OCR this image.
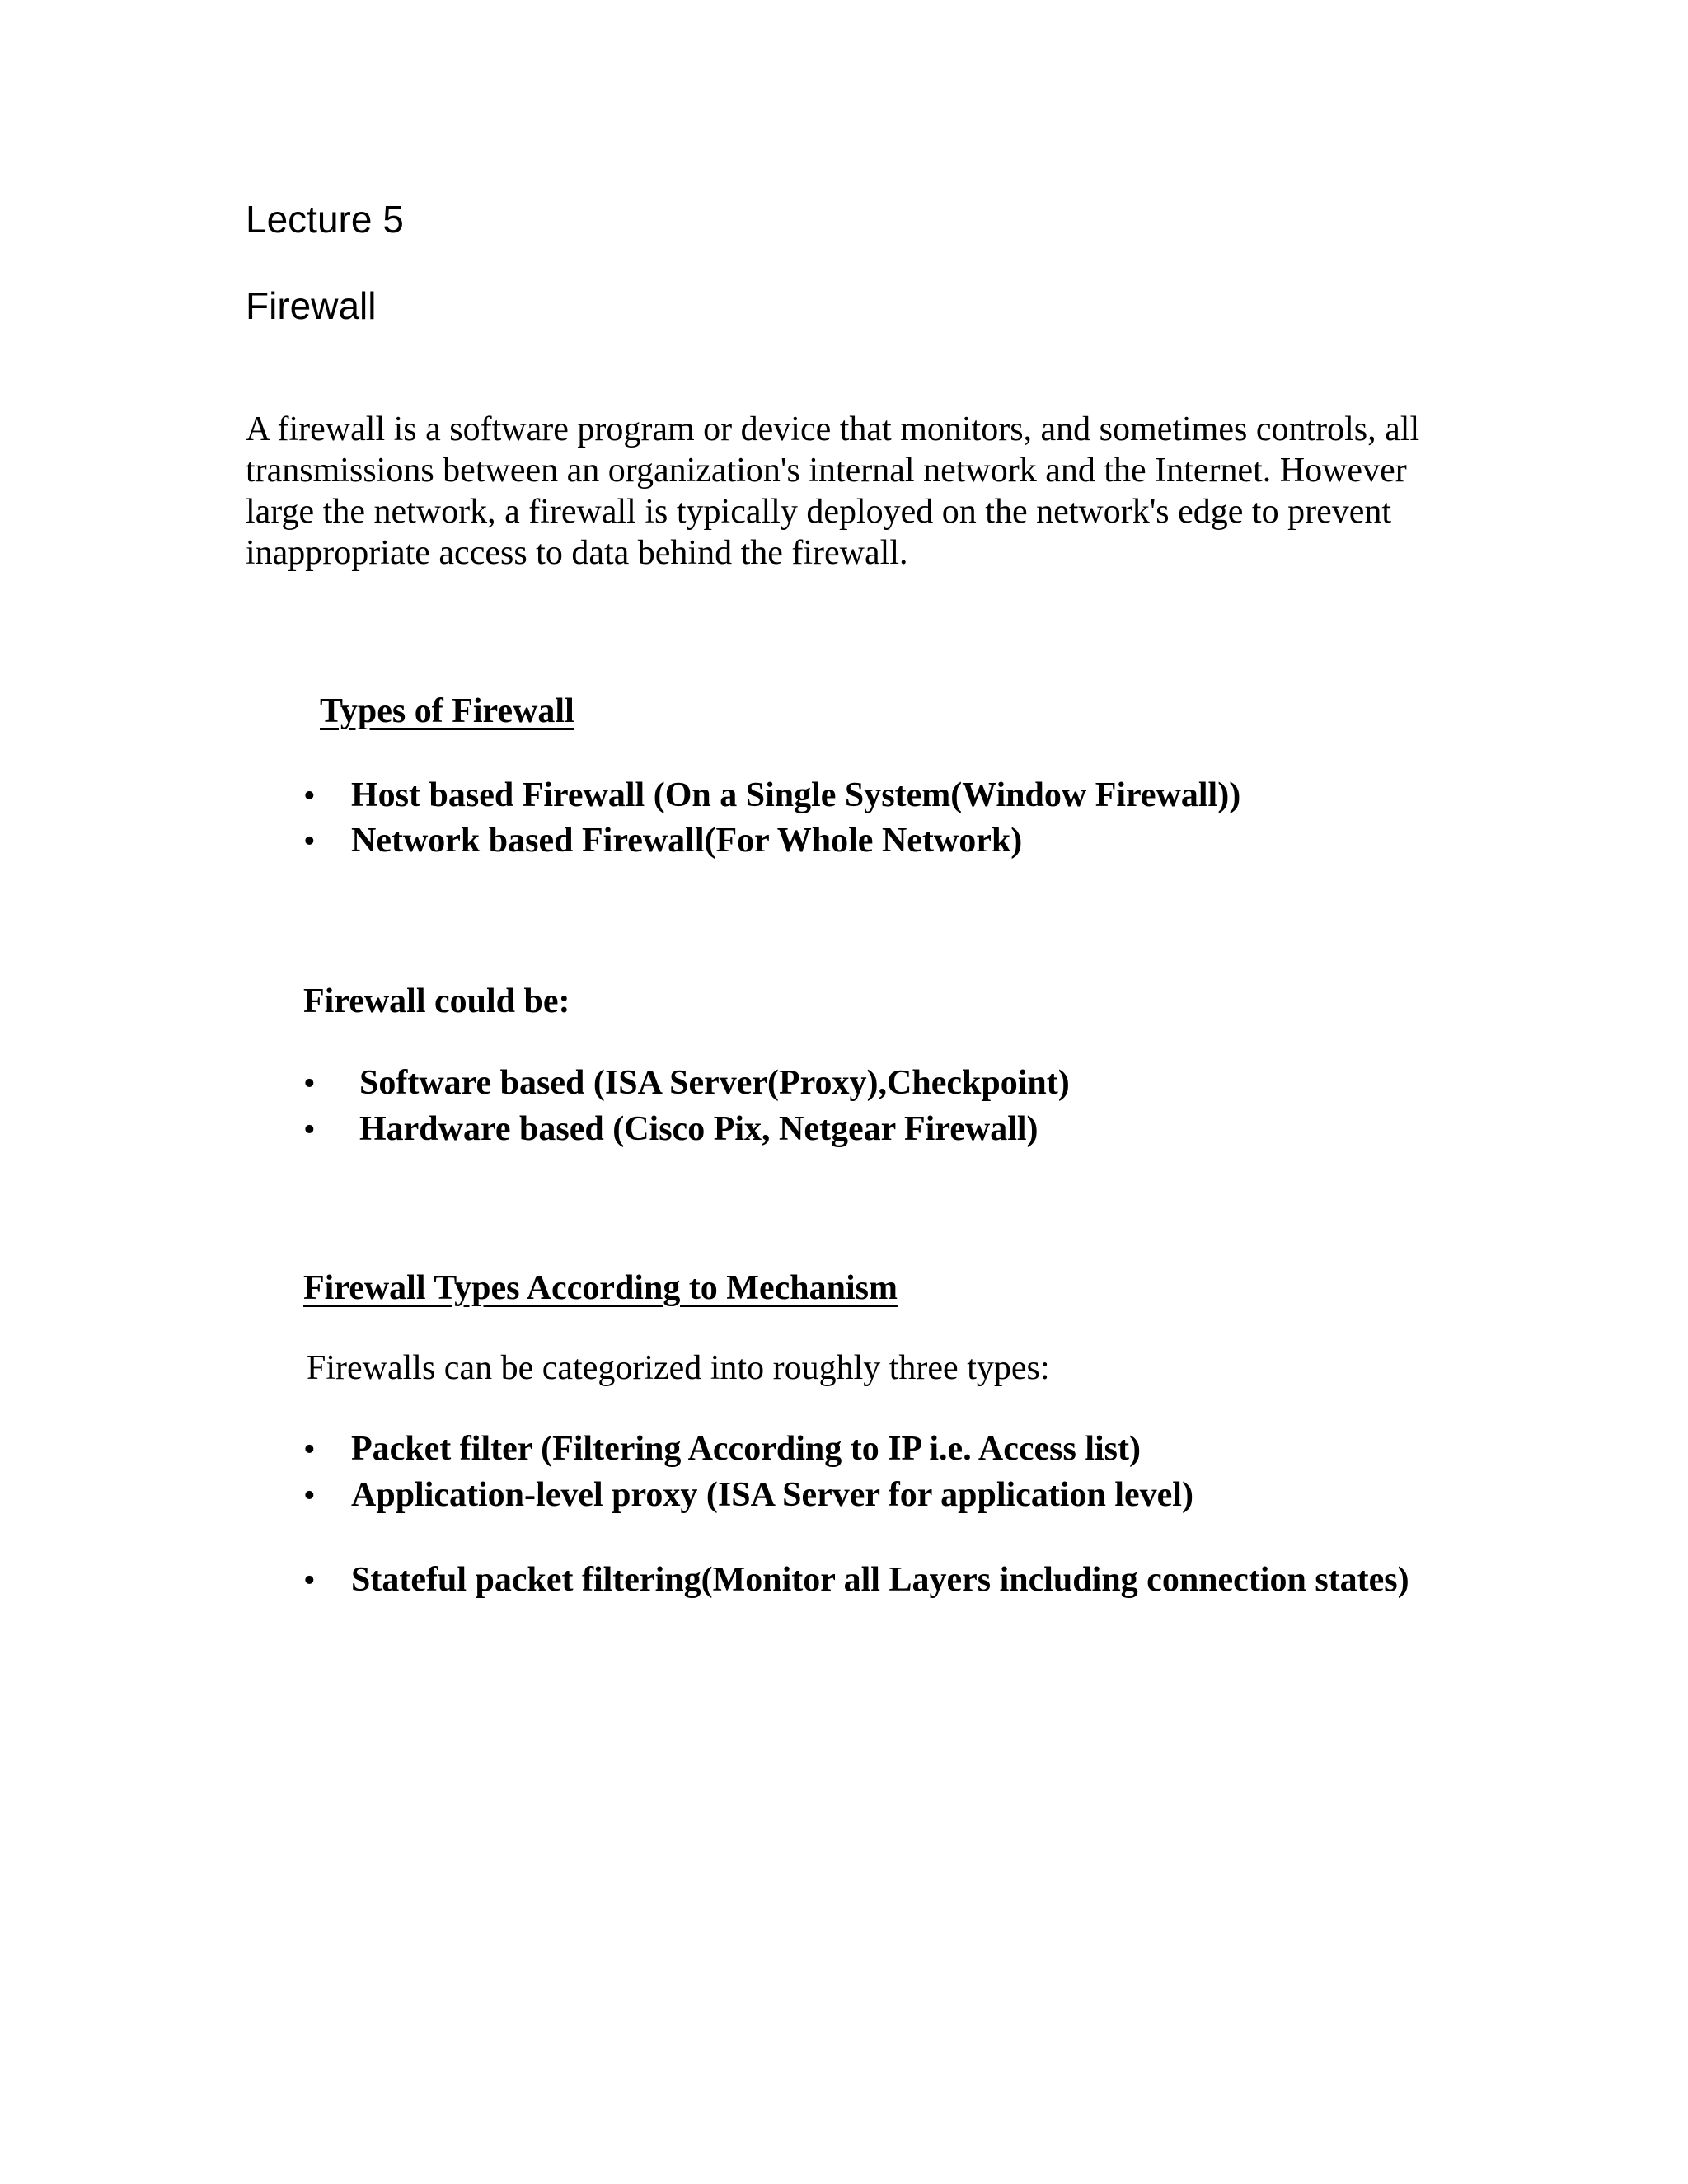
Lecture 5

Firewall

A firewall is a software program or device that monitors, and sometimes controls, all
transmissions between an organization's internal network and the Internet. However
large the network, a firewall is typically deployed on the network's edge to prevent
inappropriate access to data behind the firewall.

Types of Firewall

• Host based Firewall (On a Single System(Window Firewall))
• Network based Firewall(For Whole Network)

Firewall could be:

• Software based (ISA Server(Proxy),Checkpoint)
• Hardware based (Cisco Pix, Netgear Firewall)

Firewall Types According to Mechanism

Firewalls can be categorized into roughly three types:

• Packet filter (Filtering According to IP i.e. Access list)
• Application-level proxy (ISA Server for application level)
• Stateful packet filtering(Monitor all Layers including connection states)
